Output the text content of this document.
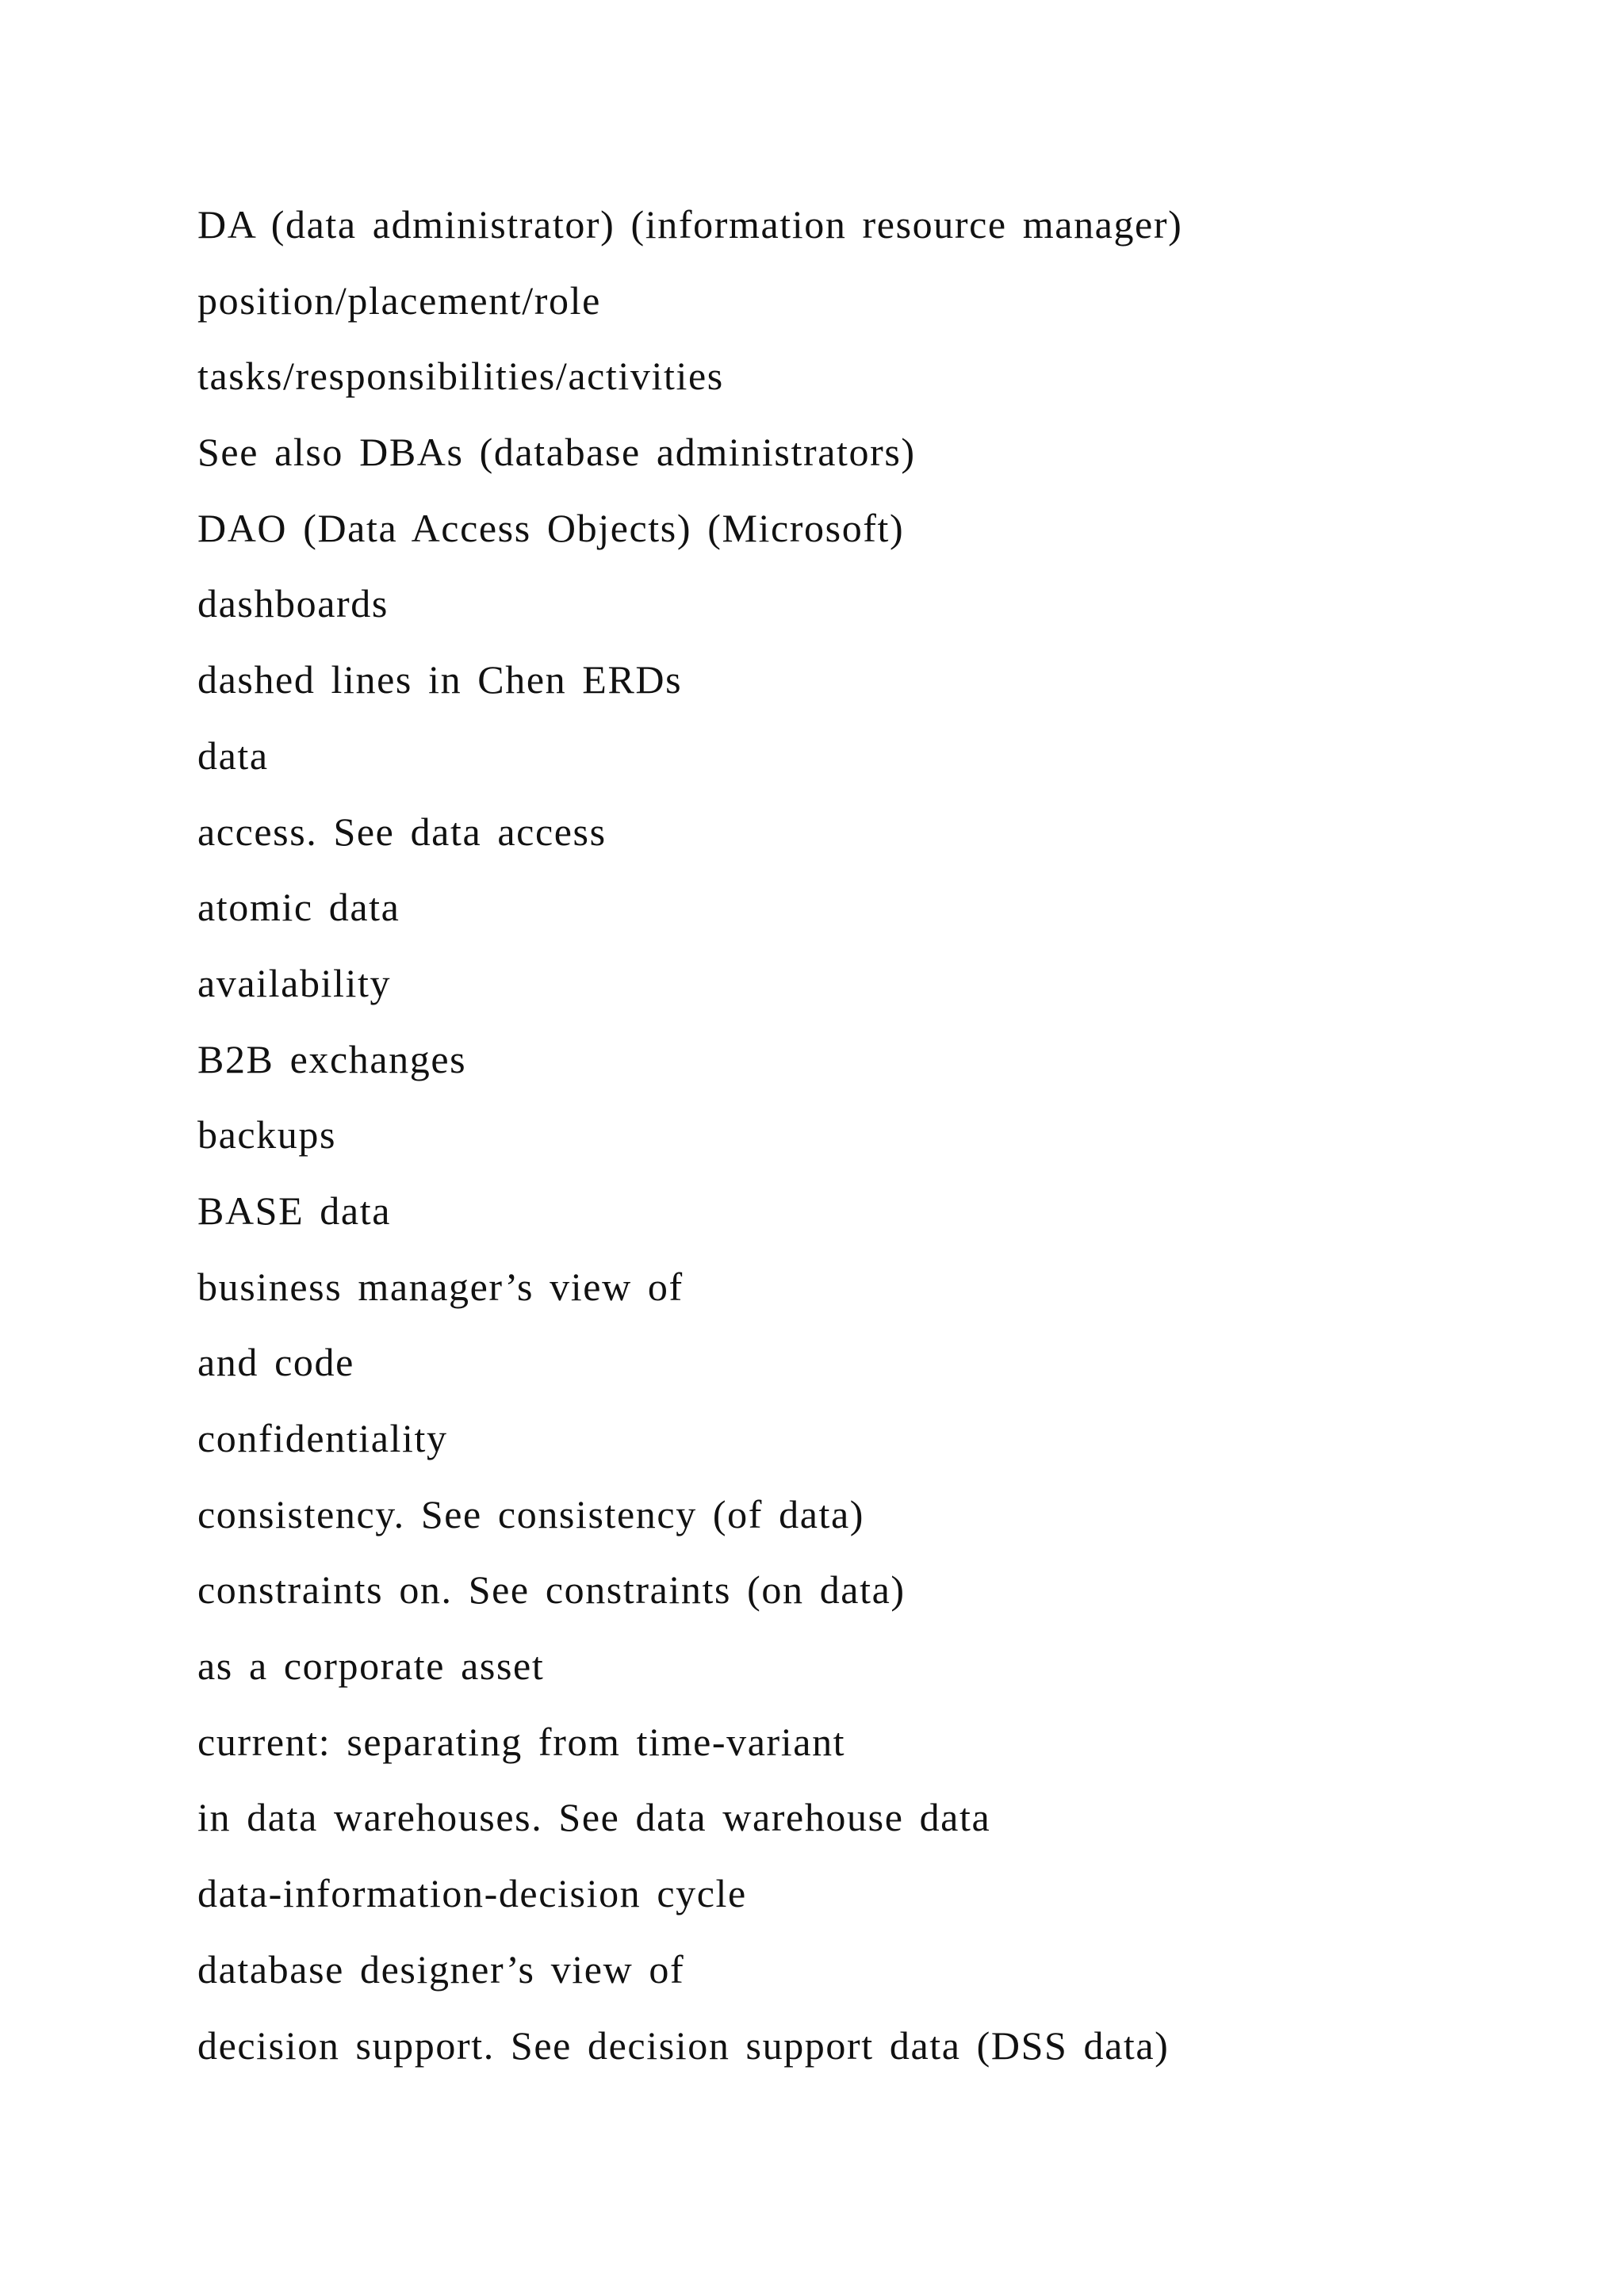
DA (data administrator) (information resource manager)
position/placement/role
tasks/responsibilities/activities
See also DBAs (database administrators)
DAO (Data Access Objects) (Microsoft)
dashboards
dashed lines in Chen ERDs
data
access. See data access
atomic data
availability
B2B exchanges
backups
BASE data
business manager’s view of
and code
confidentiality
consistency. See consistency (of data)
constraints on. See constraints (on data)
as a corporate asset
current: separating from time-variant
in data warehouses. See data warehouse data
data-information-decision cycle
database designer’s view of
decision support. See decision support data (DSS data)
